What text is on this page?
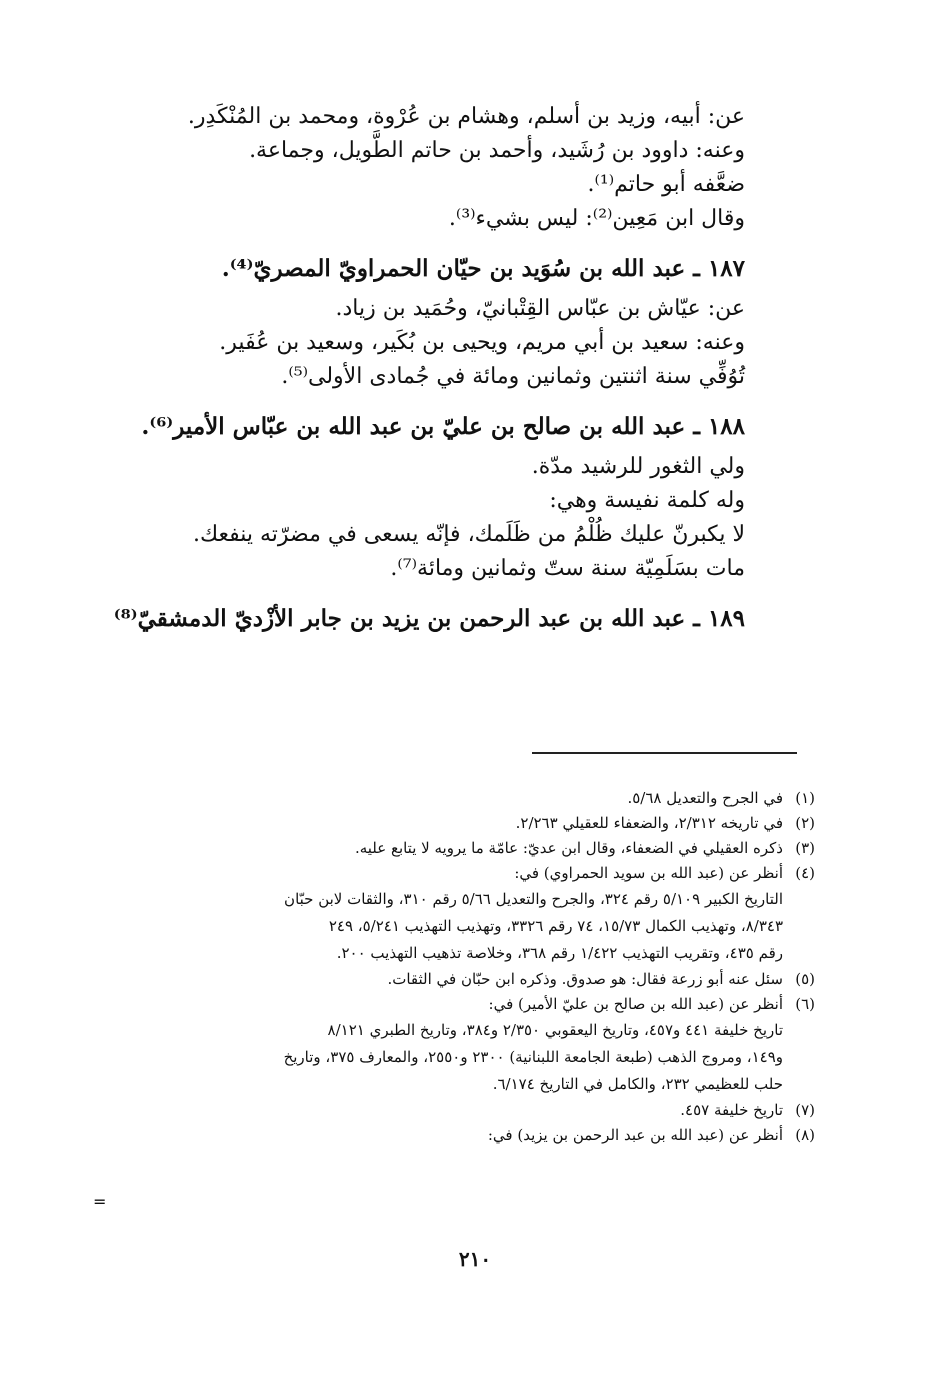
عن: أبيه، وزيد بن أسلم، وهشام بن عُرْوة، ومحمد بن المُنْكَدِر.
وعنه: داوود بن رُشَيد، وأحمد بن حاتم الطَّويل، وجماعة.
ضعَّفه أبو حاتم⁽¹⁾.
وقال ابن مَعِين⁽²⁾: ليس بشيء⁽³⁾.
١٨٧ ـ عبد الله بن سُوَيد بن حيّان الحمراويّ المصريّ⁽⁴⁾.
عن: عيّاش بن عبّاس القِتْبانيّ، وحُمَيد بن زياد.
وعنه: سعيد بن أبي مريم، ويحيى بن بُكَير، وسعيد بن عُفَير.
تُوُفِّي سنة اثنتين وثمانين ومائة في جُمادى الأولى⁽⁵⁾.
١٨٨ ـ عبد الله بن صالح بن عليّ بن عبد الله بن عبّاس الأمير⁽⁶⁾.
ولي الثغور للرشيد مدّة.
وله كلمة نفيسة وهي:
لا يكبرنّ عليك ظُلْمُ من ظَلَمك، فإنّه يسعى في مضرّته ينفعك.
مات بسَلَمِيّة سنة ستّ وثمانين ومائة⁽⁷⁾.
١٨٩ ـ عبد الله بن عبد الرحمن بن يزيد بن جابر الأزْديّ الدمشقيّ⁽⁸⁾
(١)
في الجرح والتعديل ٥/٦٨.
(٢)
في تاريخه ٢/٣١٢، والضعفاء للعقيلي ٢/٢٦٣.
(٣)
ذكره العقيلي في الضعفاء، وقال ابن عديّ: عامّة ما يرويه لا يتابع عليه.
(٤)
أنظر عن (عبد الله بن سويد الحمراوي) في:
التاريخ الكبير ٥/١٠٩ رقم ٣٢٤، والجرح والتعديل ٥/٦٦ رقم ٣١٠، والثقات لابن حبّان
٨/٣٤٣، وتهذيب الكمال ١٥/٧٣، ٧٤ رقم ٣٣٢٦، وتهذيب التهذيب ٥/٢٤١، ٢٤٩
رقم ٤٣٥، وتقريب التهذيب ١/٤٢٢ رقم ٣٦٨، وخلاصة تذهيب التهذيب ٢٠٠.
(٥)
سئل عنه أبو زرعة فقال: هو صدوق. وذكره ابن حبّان في الثقات.
(٦)
أنظر عن (عبد الله بن صالح بن عليّ الأمير) في:
تاريخ خليفة ٤٤١ و٤٥٧، وتاريخ اليعقوبي ٢/٣٥٠ و٣٨٤، وتاريخ الطبري ٨/١٢١
و١٤٩، ومروج الذهب (طبعة الجامعة اللبنانية) ٢٣٠٠ و٢٥٥٠، والمعارف ٣٧٥، وتاريخ
حلب للعظيمي ٢٣٢، والكامل في التاريخ ٦/١٧٤.
(٧)
تاريخ خليفة ٤٥٧.
(٨)
أنظر عن (عبد الله بن عبد الرحمن بن يزيد) في:
=
٢١٠
